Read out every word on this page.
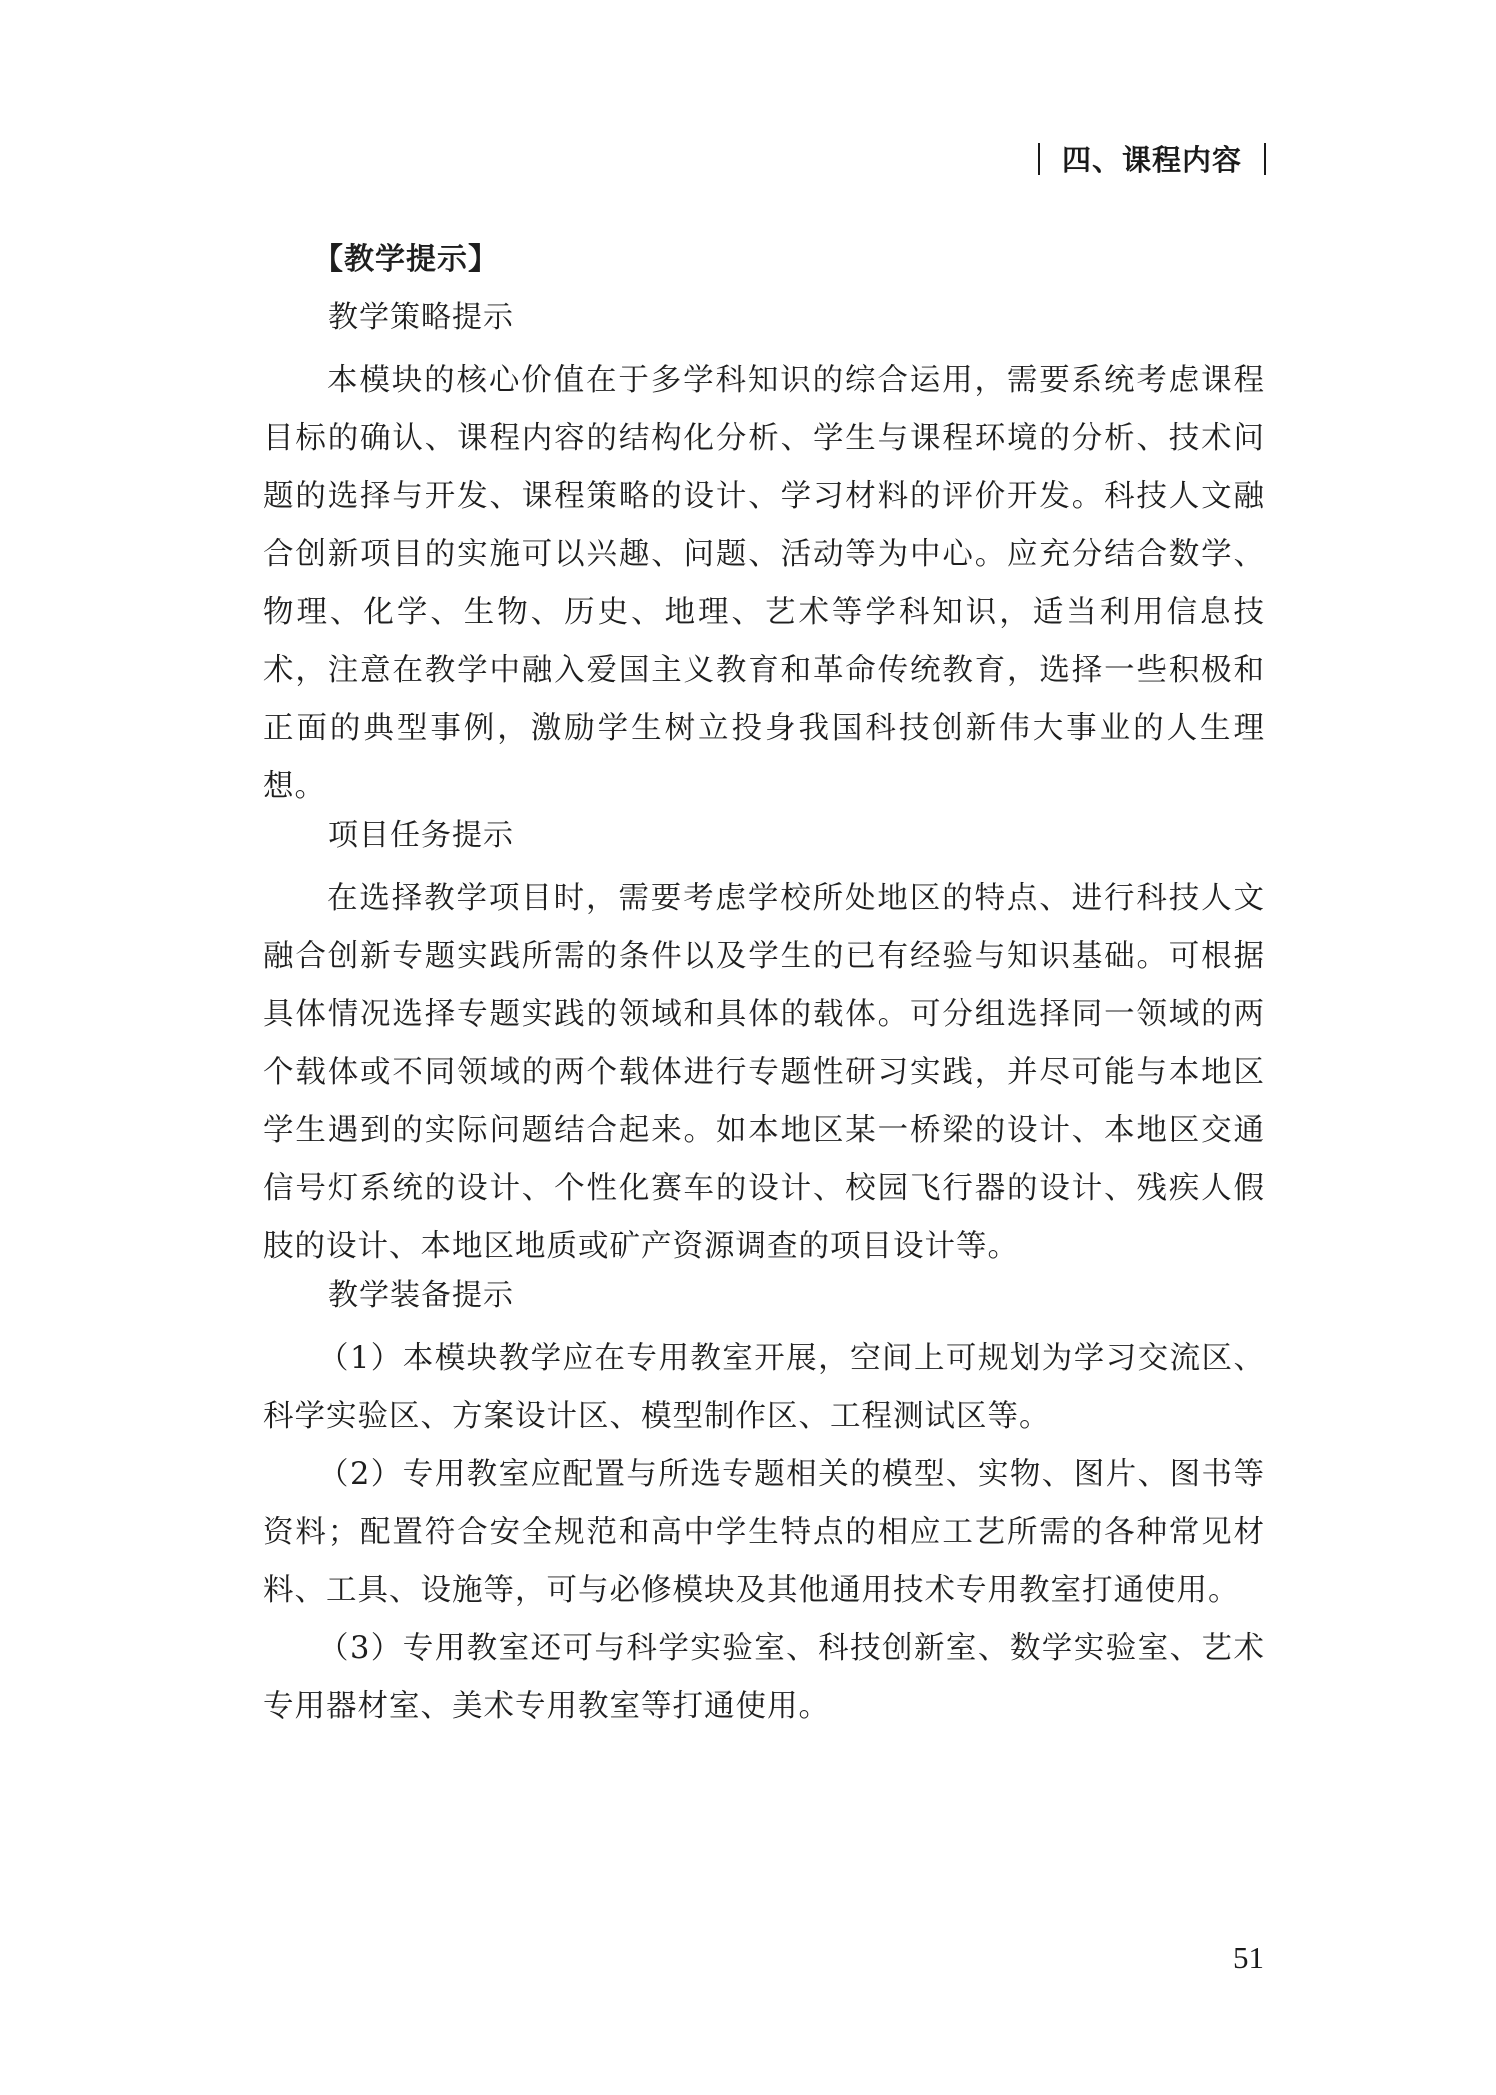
四、课程内容
【教学提示】
教学策略提示

本模块的核心价值在于多学科知识的综合运用，需要系统考虑课程目标的确认、课程内容的结构化分析、学生与课程环境的分析、技术问题的选择与开发、课程策略的设计、学习材料的评价开发。科技人文融合创新项目的实施可以兴趣、问题、活动等为中心。应充分结合数学、物理、化学、生物、历史、地理、艺术等学科知识，适当利用信息技术，注意在教学中融入爱国主义教育和革命传统教育，选择一些积极和正面的典型事例，激励学生树立投身我国科技创新伟大事业的人生理想。

项目任务提示

在选择教学项目时，需要考虑学校所处地区的特点、进行科技人文融合创新专题实践所需的条件以及学生的已有经验与知识基础。可根据具体情况选择专题实践的领域和具体的载体。可分组选择同一领域的两个载体或不同领域的两个载体进行专题性研习实践，并尽可能与本地区学生遇到的实际问题结合起来。如本地区某一桥梁的设计、本地区交通信号灯系统的设计、个性化赛车的设计、校园飞行器的设计、残疾人假肢的设计、本地区地质或矿产资源调查的项目设计等。

教学装备提示

（1）本模块教学应在专用教室开展，空间上可规划为学习交流区、科学实验区、方案设计区、模型制作区、工程测试区等。

（2）专用教室应配置与所选专题相关的模型、实物、图片、图书等资料；配置符合安全规范和高中学生特点的相应工艺所需的各种常见材料、工具、设施等，可与必修模块及其他通用技术专用教室打通使用。

（3）专用教室还可与科学实验室、科技创新室、数学实验室、艺术专用器材室、美术专用教室等打通使用。

51
